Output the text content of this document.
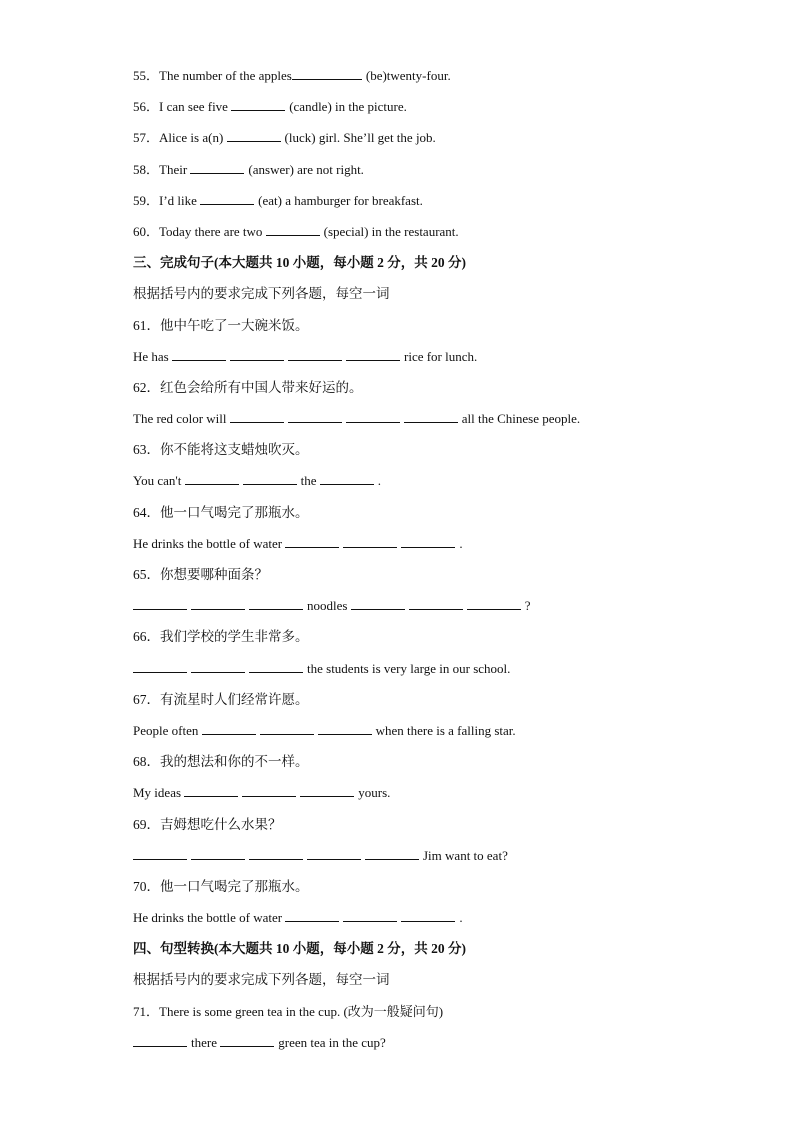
55．The number of the apples	(be)twenty-four.
56．I can see five	(candle) in the picture.
57．Alice is a(n)	(luck) girl. She’ll get the job.
58．Their	(answer) are not right.
59．I’d like	(eat) a hamburger for breakfast.
60．Today there are two	(special) in the restaurant.
三、完成句子(本大题共 10 小题，每小题 2 分，共 20 分)
根据括号内的要求完成下列各题，每空一词
61．他中午吃了一大碗米饭。
He has	rice for lunch.
62．红色会给所有中国人带来好运的。
The red color will	all the Chinese people.
63．你不能将这支蜡烛吹灭。
You can't	the	.
64．他一口气喝完了那瓶水。
He drinks the bottle of water	.
65．你想要哪种面条？
noodles	?
66．我们学校的学生非常多。
the students is very large in our school.
67．有流星时人们经常许愿。
People often	when there is a falling star.
68．我的想法和你的不一样。
My ideas	yours.
69．吉姆想吃什么水果？
Jim want to eat?
70．他一口气喝完了那瓶水。
He drinks the bottle of water	.
四、句型转换(本大题共 10 小题，每小题 2 分，共 20 分)
根据括号内的要求完成下列各题，每空一词
71．There is some green tea in the cup. (改为一般疑问句)
there	green tea in the cup?
